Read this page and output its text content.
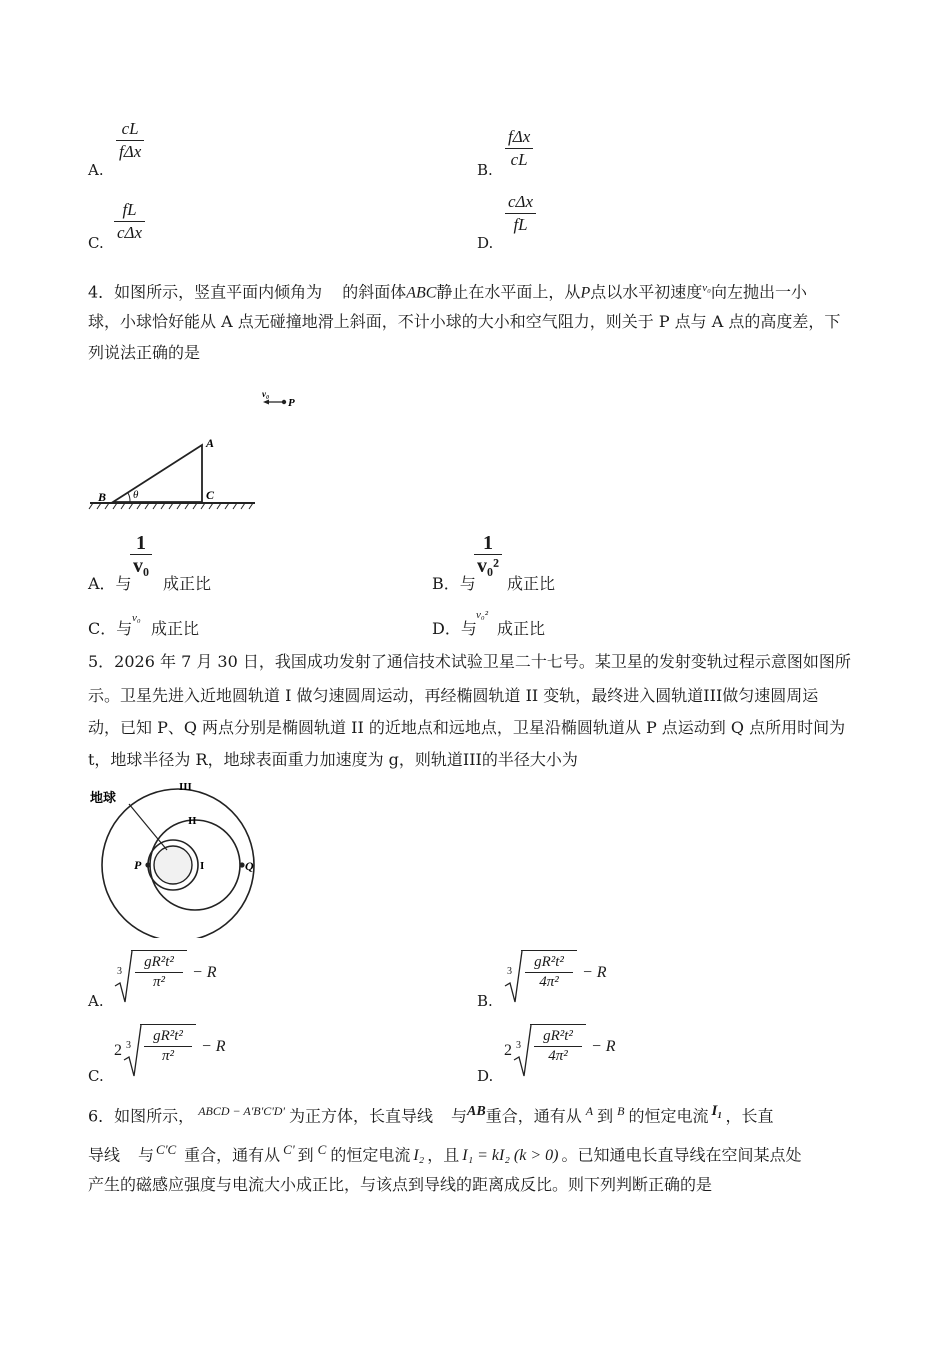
A.
cL
fΔx
B.
fΔx
cL
C.
fL
cΔx
D.
cΔx
fL
4．如图所示，竖直平面内倾角为 的斜面体ABC静止在水平面上，从P点以水平初速度$^{v_0}$向左抛出一小
球，小球恰好能从 A 点无碰撞地滑上斜面，不计小球的大小和空气阻力，则关于 P 点与 A 点的高度差，下
列说法正确的是
B θ
A
C
v₀
P
A．与
$\frac{1}{\text{v₀}}$
成正比	B．与
$\frac{1}{\text{v₀²}}$
成正比
C．与
v₀
成正比	D．与
v₀²
成正比
5．2026 年 7 月 30 日，我国成功发射了通信技术试验卫星二十七号。某卫星的发射变轨过程示意图如图所
示。卫星先进入近地圆轨道 I 做匀速圆周运动，再经椭圆轨道 II 变轨，最终进入圆轨道III做匀速圆周运
动，已知 P、Q 两点分别是椭圆轨道 II 的近地点和远地点，卫星沿椭圆轨道从 P 点运动到 Q 点所用时间为
t，地球半径为 R，地球表面重力加速度为 g，则轨道III的半径大小为
地球
III
II
I
P	Q
A.
3
gR²t²
π²
− R
B.
3
gR²t²
4π²
− R
C.
2 3
gR²t²
π²
− R
D.
2 3
gR²t²
4π²
− R
6．如图所示， $^{ABCD - A'B'C'D'}$ 为正方体，长直导线 与$^{AB}$重合，通有从 $^A$ 到 $^B$ 的恒定电流 $^{I_1}$ ，长直
导线 与 $^{C'C}$ 重合，通有从 $^{C'}$ 到 $^C$ 的恒定电流 I₂ ，且 I₁ = kI₂ (k > 0) 。已知通电长直导线在空间某点处
产生的磁感应强度与电流大小成正比，与该点到导线的距离成反比。则下列判断正确的是
